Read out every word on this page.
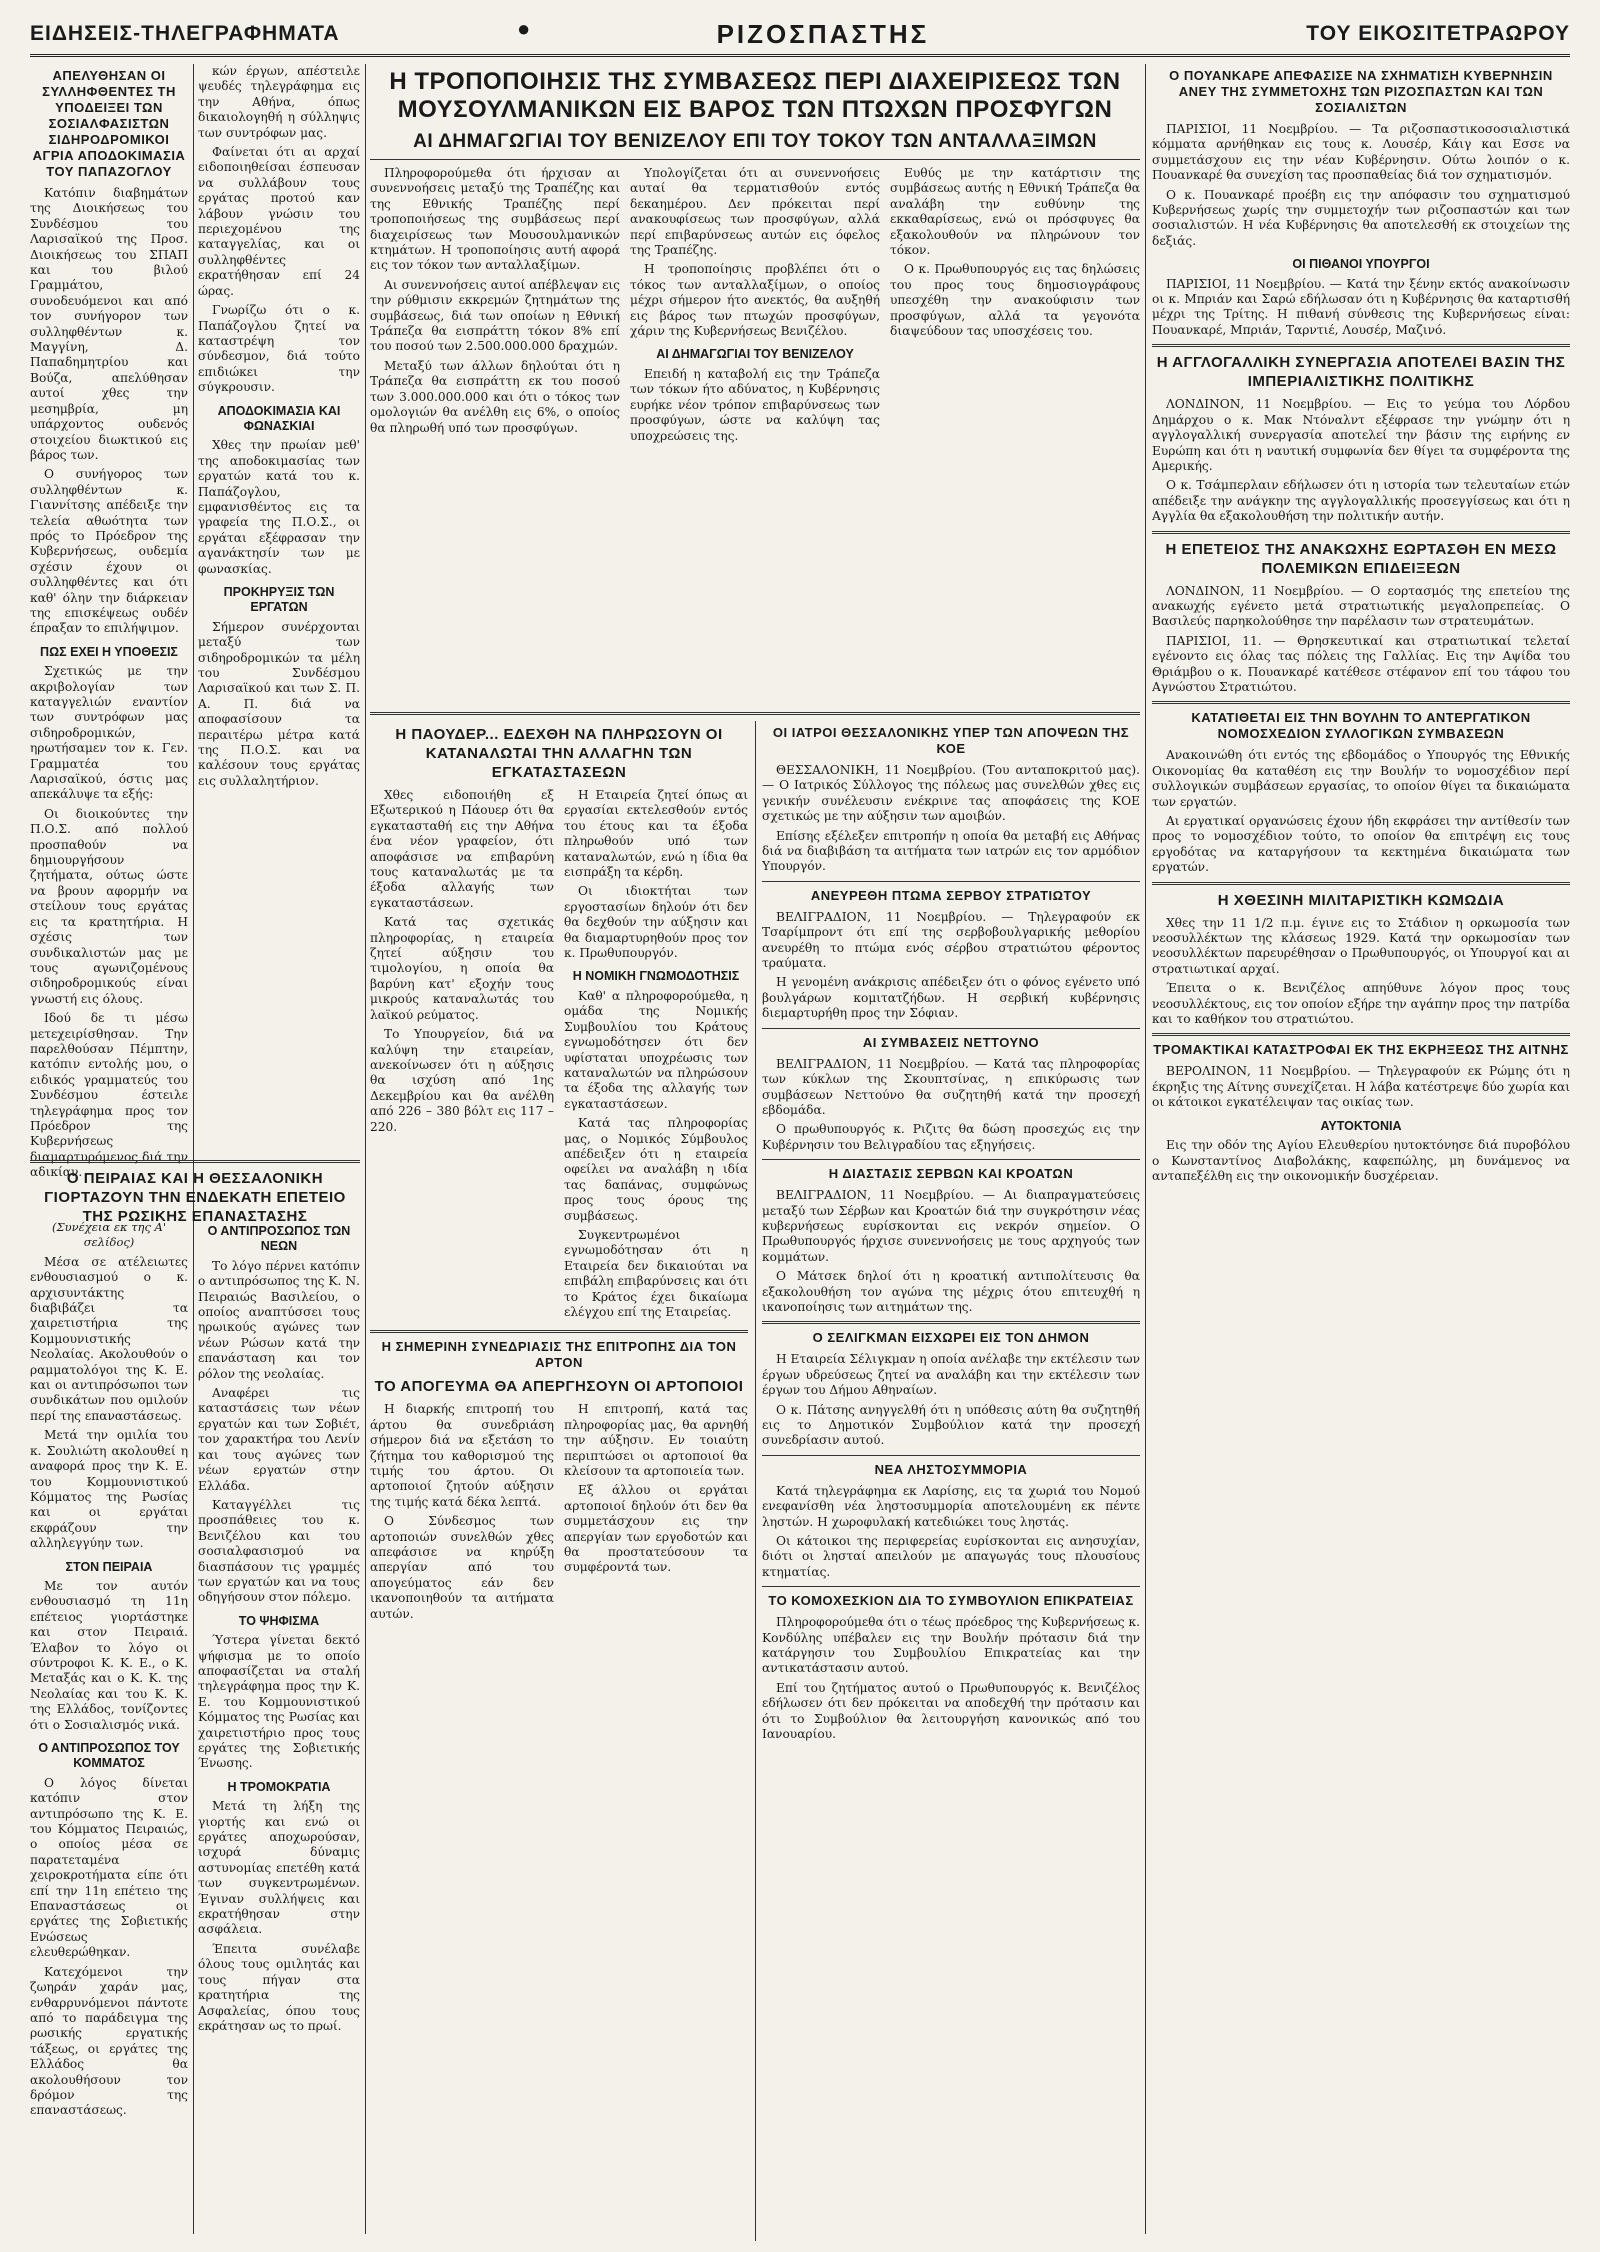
ΕΙΔΗΣΕΙΣ-ΤΗΛΕΓΡΑΦΗΜΑΤΑ	●	ΡΙΖΟΣΠΑΣΤΗΣ	ΤΟΥ ΕΙΚΟΣΙΤΕΤΡΑΩΡΟΥ
ΑΠΕΛΥΘΗΣΑΝ ΟΙ ΣΥΛΛΗΦΘΕΝΤΕΣ ΤΗ ΥΠΟΔΕΙΞΕΙ ΤΩΝ ΣΟΣΙΑΛΦΑΣΙΣΤΩΝ ΣΙΔΗΡΟΔΡΟΜΙΚΟΙ ΑΓΡΙΑ ΑΠΟΔΟΚΙΜΑΣΙΑ ΤΟΥ ΠΑΠΑΖΟΓΛΟΥ

Κατόπιν διαβημάτων της Διοικήσεως του Συνδέσμου του Λαρισαϊκού της Προσ. Διοικήσεως του ΣΠΑΠ και του βιλού Γραμμάτου, συνοδευόμενοι και από τον συνήγορον των συλληφθέντων κ. Μαγγίνη, Δ. Παπαδημητρίου και Βούζα, απελύθησαν αυτοί χθες την μεσημβρία, μη υπάρχοντος ουδενός στοιχείου διωκτικού εις βάρος των.

Ο συνήγορος των συλληφθέντων κ. Γιαννίτσης απέδειξε την τελεία αθωότητα των πρός το Πρόεδρον της Κυβερνήσεως, ουδεμία σχέσιν έχουν οι συλληφθέντες και ότι καθ' όλην την διάρκειαν της επισκέψεως ουδέν έπραξαν το επιλήψιμον.

ΠΩΣ ΕΧΕΙ Η ΥΠΟΘΕΣΙΣ

Σχετικώς με την ακριβολογίαν των καταγγελιών εναντίον των συντρόφων μας σιδηροδρομικών, ηρωτήσαμεν τον κ. Γεν. Γραμματέα του Λαρισαϊκού, όστις μας απεκάλυψε τα εξής:

Οι διοικούντες την Π.Ο.Σ. από πολλού προσπαθούν να δημιουργήσουν ζητήματα, ούτως ώστε να βρουν αφορμήν να στείλουν τους εργάτας εις τα κρατητήρια. Η σχέσις των συνδικαλιστών μας με τους αγωνιζομένους σιδηροδρομικούς είναι γνωστή εις όλους.

Ιδού δε τι μέσω μετεχειρίσθησαν. Την παρελθούσαν Πέμπτην, κατόπιν εντολής μου, ο ειδικός γραμματεύς του Συνδέσμου έστειλε τηλεγράφημα προς τον Πρόεδρον της Κυβερνήσεως διαμαρτυρόμενος διά την αδικίαν.

κών έργων, απέστειλε ψευδές τηλεγράφημα εις την Αθήνα, όπως δικαιολογηθή η σύλληψις των συντρόφων μας.

Φαίνεται ότι αι αρχαί ειδοποιηθείσαι έσπευσαν να συλλάβουν τους εργάτας προτού καν λάβουν γνώσιν του περιεχομένου της καταγγελίας, και οι συλληφθέντες εκρατήθησαν επί 24 ώρας.

Γνωρίζω ότι ο κ. Παπάζογλου ζητεί να καταστρέψη τον σύνδεσμον, διά τούτο επιδιώκει την σύγκρουσιν.

ΑΠΟΔΟΚΙΜΑΣΙΑ ΚΑΙ ΦΩΝΑΣΚΙΑΙ

Χθες την πρωίαν μεθ' της αποδοκιμασίας των εργατών κατά του κ. Παπάζογλου, εμφανισθέντος εις τα γραφεία της Π.Ο.Σ., οι εργάται εξέφρασαν την αγανάκτησίν των με φωνασκίας.

ΠΡΟΚΗΡΥΞΙΣ ΤΩΝ ΕΡΓΑΤΩΝ

Σήμερον συνέρχονται μεταξύ των σιδηροδρομικών τα μέλη του Συνδέσμου Λαρισαϊκού και των Σ. Π. Α. Π. διά να αποφασίσουν τα περαιτέρω μέτρα κατά της Π.Ο.Σ. και να καλέσουν τους εργάτας εις συλλαλητήριον.

Ο ΠΕΙΡΑΙΑΣ ΚΑΙ Η ΘΕΣΣΑΛΟΝΙΚΗ ΓΙΟΡΤΑΖΟΥΝ ΤΗΝ ΕΝΔΕΚΑΤΗ ΕΠΕΤΕΙΟ ΤΗΣ ΡΩΣΙΚΗΣ ΕΠΑΝΑΣΤΑΣΗΣ
(Συνέχεια εκ της Α' σελίδος)

Μέσα σε ατέλειωτες ενθουσιασμού ο κ. αρχισυντάκτης διαβιβάζει τα χαιρετιστήρια της Κομμουνιστικής Νεολαίας. Ακολουθούν ο ραμματολόγοι της Κ. Ε. και οι αντιπρόσωποι των συνδικάτων που ομιλούν περί της επαναστάσεως.

Μετά την ομιλία του κ. Σουλιώτη ακολουθεί η αναφορά προς την Κ. Ε. του Κομμουνιστικού Κόμματος της Ρωσίας και οι εργάται εκφράζουν την αλληλεγγύην των.

ΣΤΟΝ ΠΕΙΡΑΙΑ

Με τον αυτόν ενθουσιασμό τη 11η επέτειος γιορτάστηκε και στον Πειραιά. Έλαβον το λόγο οι σύντροφοι Κ. Κ. Ε., ο Κ. Μεταξάς και ο Κ. Κ. της Νεολαίας και του Κ. Κ. της Ελλάδος, τονίζοντες ότι ο Σοσιαλισμός νικά.

Ο ΑΝΤΙΠΡΟΣΩΠΟΣ ΤΟΥ ΚΟΜΜΑΤΟΣ

Ο λόγος δίνεται κατόπιν στον αντιπρόσωπο της Κ. Ε. του Κόμματος Πειραιώς, ο οποίος μέσα σε παρατεταμένα χειροκροτήματα είπε ότι επί την 11η επέτειο της Επαναστάσεως οι εργάτες της Σοβιετικής Ενώσεως ελευθερώθηκαν.

Κατεχόμενοι την ζωηράν χαράν μας, ενθαρρυνόμενοι πάντοτε από το παράδειγμα της ρωσικής εργατικής τάξεως, οι εργάτες της Ελλάδος θα ακολουθήσουν τον δρόμον της επαναστάσεως.

Ο ΑΝΤΙΠΡΟΣΩΠΟΣ ΤΩΝ ΝΕΩΝ

Το λόγο πέρνει κατόπιν ο αντιπρόσωπος της Κ. Ν. Πειραιώς Βασιλείου, ο οποίος αναπτύσσει τους ηρωικούς αγώνες των νέων Ρώσων κατά την επανάσταση και τον ρόλον της νεολαίας.

Αναφέρει τις καταστάσεις των νέων εργατών και των Σοβιέτ, τον χαρακτήρα του Λενίν και τους αγώνες των νέων εργατών στην Ελλάδα.

Καταγγέλλει τις προσπάθειες του κ. Βενιζέλου και του σοσιαλφασισμού να διασπάσουν τις γραμμές των εργατών και να τους οδηγήσουν στον πόλεμο.

ΤΟ ΨΗΦΙΣΜΑ

Ύστερα γίνεται δεκτό ψήφισμα με το οποίο αποφασίζεται να σταλή τηλεγράφημα προς την Κ. Ε. του Κομμουνιστικού Κόμματος της Ρωσίας και χαιρετιστήριο προς τους εργάτες της Σοβιετικής Ένωσης.

Η ΤΡΟΜΟΚΡΑΤΙΑ

Μετά τη λήξη της γιορτής και ενώ οι εργάτες αποχωρούσαν, ισχυρά δύναμις αστυνομίας επετέθη κατά των συγκεντρωμένων. Έγιναν συλλήψεις και εκρατήθησαν στην ασφάλεια.

Έπειτα συνέλαβε όλους τους ομιλητάς και τους πήγαν στα κρατητήρια της Ασφαλείας, όπου τους εκράτησαν ως το πρωί.

Η ΤΡΟΠΟΠΟΙΗΣΙΣ ΤΗΣ ΣΥΜΒΑΣΕΩΣ ΠΕΡΙ ΔΙΑΧΕΙΡΙΣΕΩΣ ΤΩΝ ΜΟΥΣΟΥΛΜΑΝΙΚΩΝ ΕΙΣ ΒΑΡΟΣ ΤΩΝ ΠΤΩΧΩΝ ΠΡΟΣΦΥΓΩΝ
ΑΙ ΔΗΜΑΓΩΓΙΑΙ ΤΟΥ ΒΕΝΙΖΕΛΟΥ ΕΠΙ ΤΟΥ ΤΟΚΟΥ ΤΩΝ ΑΝΤΑΛΛΑΞΙΜΩΝ

Πληροφορούμεθα ότι ήρχισαν αι συνεννοήσεις μεταξύ της Τραπέζης και της Εθνικής Τραπέζης περί τροποποιήσεως της συμβάσεως περί διαχειρίσεως των Μουσουλμανικών κτημάτων. Η τροποποίησις αυτή αφορά εις τον τόκον των ανταλλαξίμων.

Αι συνεννοήσεις αυτοί απέβλεψαν εις την ρύθμισιν εκκρεμών ζητημάτων της συμβάσεως, διά των οποίων η Εθνική Τράπεζα θα εισπράττη τόκον 8% επί του ποσού των 2.500.000.000 δραχμών.

Μεταξύ των άλλων δηλούται ότι η Τράπεζα θα εισπράττη εκ του ποσού των 3.000.000.000 και ότι ο τόκος των ομολογιών θα ανέλθη εις 6%, ο οποίος θα πληρωθή υπό των προσφύγων.

Υπολογίζεται ότι αι συνεννοήσεις αυταί θα τερματισθούν εντός δεκαημέρου. Δεν πρόκειται περί ανακουφίσεως των προσφύγων, αλλά περί επιβαρύνσεως αυτών εις όφελος της Τραπέζης.

Η τροποποίησις προβλέπει ότι ο τόκος των ανταλλαξίμων, ο οποίος μέχρι σήμερον ήτο ανεκτός, θα αυξηθή εις βάρος των πτωχών προσφύγων, χάριν της Κυβερνήσεως Βενιζέλου.

ΑΙ ΔΗΜΑΓΩΓΙΑΙ ΤΟΥ ΒΕΝΙΖΕΛΟΥ

Επειδή η καταβολή εις την Τράπεζα των τόκων ήτο αδύνατος, η Κυβέρνησις ευρήκε νέον τρόπον επιβαρύνσεως των προσφύγων, ώστε να καλύψη τας υποχρεώσεις της.

Ευθύς με την κατάρτισιν της συμβάσεως αυτής η Εθνική Τράπεζα θα αναλάβη την ευθύνην της εκκαθαρίσεως, ενώ οι πρόσφυγες θα εξακολουθούν να πληρώνουν τον τόκον.

Ο κ. Πρωθυπουργός εις τας δηλώσεις του προς τους δημοσιογράφους υπεσχέθη την ανακούφισιν των προσφύγων, αλλά τα γεγονότα διαψεύδουν τας υποσχέσεις του.

Η ΠΑΟΥΔΕΡ... ΕΔΕΧΘΗ ΝΑ ΠΛΗΡΩΣΟΥΝ ΟΙ ΚΑΤΑΝΑΛΩΤΑΙ ΤΗΝ ΑΛΛΑΓΗΝ ΤΩΝ ΕΓΚΑΤΑΣΤΑΣΕΩΝ

Χθες ειδοποιήθη εξ Εξωτερικού η Πάουερ ότι θα εγκατασταθή εις την Αθήνα ένα νέον γραφείον, ότι αποφάσισε να επιβαρύνη τους καταναλωτάς με τα έξοδα αλλαγής των εγκαταστάσεων.

Κατά τας σχετικάς πληροφορίας, η εταιρεία ζητεί αύξησιν του τιμολογίου, η οποία θα βαρύνη κατ' εξοχήν τους μικρούς καταναλωτάς του λαϊκού ρεύματος.

Το Υπουργείον, διά να καλύψη την εταιρείαν, ανεκοίνωσεν ότι η αύξησις θα ισχύση από 1ης Δεκεμβρίου και θα ανέλθη από 226 – 380 βόλτ εις 117 – 220.

Η Εταιρεία ζητεί όπως αι εργασίαι εκτελεσθούν εντός του έτους και τα έξοδα πληρωθούν υπό των καταναλωτών, ενώ η ίδια θα εισπράξη τα κέρδη.

Οι ιδιοκτήται των εργοστασίων δηλούν ότι δεν θα δεχθούν την αύξησιν και θα διαμαρτυρηθούν προς τον κ. Πρωθυπουργόν.

Η ΝΟΜΙΚΗ ΓΝΩΜΟΔΟΤΗΣΙΣ

Καθ' α πληροφορούμεθα, η ομάδα της Νομικής Συμβουλίου του Κράτους εγνωμοδότησεν ότι δεν υφίσταται υποχρέωσις των καταναλωτών να πληρώσουν τα έξοδα της αλλαγής των εγκαταστάσεων.

Κατά τας πληροφορίας μας, ο Νομικός Σύμβουλος απέδειξεν ότι η εταιρεία οφείλει να αναλάβη η ιδία τας δαπάνας, συμφώνως προς τους όρους της συμβάσεως.

Συγκεντρωμένοι εγνωμοδότησαν ότι η Εταιρεία δεν δικαιούται να επιβάλη επιβαρύνσεις και ότι το Κράτος έχει δικαίωμα ελέγχου επί της Εταιρείας.

Η ΣΗΜΕΡΙΝΗ ΣΥΝΕΔΡΙΑΣΙΣ ΤΗΣ ΕΠΙΤΡΟΠΗΣ ΔΙΑ ΤΟΝ ΑΡΤΟΝ
ΤΟ ΑΠΟΓΕΥΜΑ ΘΑ ΑΠΕΡΓΗΣΟΥΝ ΟΙ ΑΡΤΟΠΟΙΟΙ

Η διαρκής επιτροπή του άρτου θα συνεδριάση σήμερον διά να εξετάση το ζήτημα του καθορισμού της τιμής του άρτου. Οι αρτοποιοί ζητούν αύξησιν της τιμής κατά δέκα λεπτά.

Ο Σύνδεσμος των αρτοποιών συνελθών χθες απεφάσισε να κηρύξη απεργίαν από του απογεύματος εάν δεν ικανοποιηθούν τα αιτήματα αυτών.

Η επιτροπή, κατά τας πληροφορίας μας, θα αρνηθή την αύξησιν. Εν τοιαύτη περιπτώσει οι αρτοποιοί θα κλείσουν τα αρτοποιεία των.

Εξ άλλου οι εργάται αρτοποιοί δηλούν ότι δεν θα συμμετάσχουν εις την απεργίαν των εργοδοτών και θα προστατεύσουν τα συμφέροντά των.

ΟΙ ΙΑΤΡΟΙ ΘΕΣΣΑΛΟΝΙΚΗΣ ΥΠΕΡ ΤΩΝ ΑΠΟΨΕΩΝ ΤΗΣ ΚΟΕ

ΘΕΣΣΑΛΟΝΙΚΗ, 11 Νοεμβρίου. (Του ανταποκριτού μας). — Ο Ιατρικός Σύλλογος της πόλεως μας συνελθών χθες εις γενικήν συνέλευσιν ενέκρινε τας αποφάσεις της ΚΟΕ σχετικώς με την αύξησιν των αμοιβών.

Επίσης εξέλεξεν επιτροπήν η οποία θα μεταβή εις Αθήνας διά να διαβιβάση τα αιτήματα των ιατρών εις τον αρμόδιον Υπουργόν.

ΑΝΕΥΡΕΘΗ ΠΤΩΜΑ ΣΕΡΒΟΥ ΣΤΡΑΤΙΩΤΟΥ

ΒΕΛΙΓΡΑΔΙΟΝ, 11 Νοεμβρίου. — Τηλεγραφούν εκ Τσαρίμπροντ ότι επί της σερβοβουλγαρικής μεθορίου ανευρέθη το πτώμα ενός σέρβου στρατιώτου φέροντος τραύματα.

Η γενομένη ανάκρισις απέδειξεν ότι ο φόνος εγένετο υπό βουλγάρων κομιτατζήδων. Η σερβική κυβέρνησις διεμαρτυρήθη προς την Σόφιαν.

ΑΙ ΣΥΜΒΑΣΕΙΣ ΝΕΤΤΟΥΝΟ

ΒΕΛΙΓΡΑΔΙΟΝ, 11 Νοεμβρίου. — Κατά τας πληροφορίας των κύκλων της Σκουπτσίνας, η επικύρωσις των συμβάσεων Νεττούνο θα συζητηθή κατά την προσεχή εβδομάδα.

Ο πρωθυπουργός κ. Ριζιτς θα δώση προσεχώς εις την Κυβέρνησιν του Βελιγραδίου τας εξηγήσεις.

Η ΔΙΑΣΤΑΣΙΣ ΣΕΡΒΩΝ ΚΑΙ ΚΡΟΑΤΩΝ

ΒΕΛΙΓΡΑΔΙΟΝ, 11 Νοεμβρίου. — Αι διαπραγματεύσεις μεταξύ των Σέρβων και Κροατών διά την συγκρότησιν νέας κυβερνήσεως ευρίσκονται εις νεκρόν σημείον. Ο Πρωθυπουργός ήρχισε συνεννοήσεις με τους αρχηγούς των κομμάτων.

Ο Μάτσεκ δηλοί ότι η κροατική αντιπολίτευσις θα εξακολουθήση τον αγώνα της μέχρις ότου επιτευχθή η ικανοποίησις των αιτημάτων της.

Ο ΣΕΛΙΓΚΜΑΝ ΕΙΣΧΩΡΕΙ ΕΙΣ ΤΟΝ ΔΗΜΟΝ

Η Εταιρεία Σέλιγκμαν η οποία ανέλαβε την εκτέλεσιν των έργων υδρεύσεως ζητεί να αναλάβη και την εκτέλεσιν των έργων του Δήμου Αθηναίων.

Ο κ. Πάτσης ανηγγελθή ότι η υπόθεσις αύτη θα συζητηθή εις το Δημοτικόν Συμβούλιον κατά την προσεχή συνεδρίασιν αυτού.

ΝΕΑ ΛΗΣΤΟΣΥΜΜΟΡΙΑ

Κατά τηλεγράφημα εκ Λαρίσης, εις τα χωριά του Νομού ενεφανίσθη νέα ληστοσυμμορία αποτελουμένη εκ πέντε ληστών. Η χωροφυλακή κατεδιώκει τους ληστάς.

Οι κάτοικοι της περιφερείας ευρίσκονται εις ανησυχίαν, διότι οι λησταί απειλούν με απαγωγάς τους πλουσίους κτηματίας.

ΤΟ ΚΟΜΟΧΕΣΚΙΟΝ ΔΙΑ ΤΟ ΣΥΜΒΟΥΛΙΟΝ ΕΠΙΚΡΑΤΕΙΑΣ

Πληροφορούμεθα ότι ο τέως πρόεδρος της Κυβερνήσεως κ. Κονδύλης υπέβαλεν εις την Βουλήν πρότασιν διά την κατάργησιν του Συμβουλίου Επικρατείας και την αντικατάστασιν αυτού.

Επί του ζητήματος αυτού ο Πρωθυπουργός κ. Βενιζέλος εδήλωσεν ότι δεν πρόκειται να αποδεχθή την πρότασιν και ότι το Συμβούλιον θα λειτουργήση κανονικώς από του Ιανουαρίου.

Ο ΠΟΥΑΝΚΑΡΕ ΑΠΕΦΑΣΙΣΕ ΝΑ ΣΧΗΜΑΤΙΣΗ ΚΥΒΕΡΝΗΣΙΝ ΑΝΕΥ ΤΗΣ ΣΥΜΜΕΤΟΧΗΣ ΤΩΝ ΡΙΖΟΣΠΑΣΤΩΝ ΚΑΙ ΤΩΝ ΣΟΣΙΑΛΙΣΤΩΝ

ΠΑΡΙΣΙΟΙ, 11 Νοεμβρίου. — Τα ριζοσπαστικοσοσιαλιστικά κόμματα αρνήθηκαν εις τους κ. Λουσέρ, Κάιγ και Εσσε να συμμετάσχουν εις την νέαν Κυβέρνησιν. Ούτω λοιπόν ο κ. Πουανκαρέ θα συνεχίση τας προσπαθείας διά τον σχηματισμόν.

Ο κ. Πουανκαρέ προέβη εις την απόφασιν του σχηματισμού Κυβερνήσεως χωρίς την συμμετοχήν των ριζοσπαστών και των σοσιαλιστών. Η νέα Κυβέρνησις θα αποτελεσθή εκ στοιχείων της δεξιάς.

ΟΙ ΠΙΘΑΝΟΙ ΥΠΟΥΡΓΟΙ

ΠΑΡΙΣΙΟΙ, 11 Νοεμβρίου. — Κατά την ξένην εκτός ανακοίνωσιν οι κ. Μπριάν και Σαρώ εδήλωσαν ότι η Κυβέρνησις θα καταρτισθή μέχρι της Τρίτης. Η πιθανή σύνθεσις της Κυβερνήσεως είναι: Πουανκαρέ, Μπριάν, Ταρντιέ, Λουσέρ, Μαζινό.

Η ΑΓΓΛΟΓΑΛΛΙΚΗ ΣΥΝΕΡΓΑΣΙΑ ΑΠΟΤΕΛΕΙ ΒΑΣΙΝ ΤΗΣ ΙΜΠΕΡΙΑΛΙΣΤΙΚΗΣ ΠΟΛΙΤΙΚΗΣ

ΛΟΝΔΙΝΟΝ, 11 Νοεμβρίου. — Εις το γεύμα του Λόρδου Δημάρχου ο κ. Μακ Ντόναλντ εξέφρασε την γνώμην ότι η αγγλογαλλική συνεργασία αποτελεί την βάσιν της ειρήνης εν Ευρώπη και ότι η ναυτική συμφωνία δεν θίγει τα συμφέροντα της Αμερικής.

Ο κ. Τσάμπερλαιν εδήλωσεν ότι η ιστορία των τελευταίων ετών απέδειξε την ανάγκην της αγγλογαλλικής προσεγγίσεως και ότι η Αγγλία θα εξακολουθήση την πολιτικήν αυτήν.

Η ΕΠΕΤΕΙΟΣ ΤΗΣ ΑΝΑΚΩΧΗΣ ΕΩΡΤΑΣΘΗ ΕΝ ΜΕΣΩ ΠΟΛΕΜΙΚΩΝ ΕΠΙΔΕΙΞΕΩΝ

ΛΟΝΔΙΝΟΝ, 11 Νοεμβρίου. — Ο εορτασμός της επετείου της ανακωχής εγένετο μετά στρατιωτικής μεγαλοπρεπείας. Ο Βασιλεύς παρηκολούθησε την παρέλασιν των στρατευμάτων.

ΠΑΡΙΣΙΟΙ, 11. — Θρησκευτικαί και στρατιωτικαί τελεταί εγένοντο εις όλας τας πόλεις της Γαλλίας. Εις την Αψίδα του Θριάμβου ο κ. Πουανκαρέ κατέθεσε στέφανον επί του τάφου του Αγνώστου Στρατιώτου.

ΚΑΤΑΤΙΘΕΤΑΙ ΕΙΣ ΤΗΝ ΒΟΥΛΗΝ ΤΟ ΑΝΤΕΡΓΑΤΙΚΟΝ ΝΟΜΟΣΧΕΔΙΟΝ ΣΥΛΛΟΓΙΚΩΝ ΣΥΜΒΑΣΕΩΝ

Ανακοινώθη ότι εντός της εβδομάδος ο Υπουργός της Εθνικής Οικονομίας θα καταθέση εις την Βουλήν το νομοσχέδιον περί συλλογικών συμβάσεων εργασίας, το οποίον θίγει τα δικαιώματα των εργατών.

Αι εργατικαί οργανώσεις έχουν ήδη εκφράσει την αντίθεσίν των προς το νομοσχέδιον τούτο, το οποίον θα επιτρέψη εις τους εργοδότας να καταργήσουν τα κεκτημένα δικαιώματα των εργατών.

Η ΧΘΕΣΙΝΗ ΜΙΛΙΤΑΡΙΣΤΙΚΗ ΚΩΜΩΔΙΑ

Χθες την 11 1/2 π.μ. έγινε εις το Στάδιον η ορκωμοσία των νεοσυλλέκτων της κλάσεως 1929. Κατά την ορκωμοσίαν των νεοσυλλέκτων παρευρέθησαν ο Πρωθυπουργός, οι Υπουργοί και αι στρατιωτικαί αρχαί.

Έπειτα ο κ. Βενιζέλος απηύθυνε λόγον προς τους νεοσυλλέκτους, εις τον οποίον εξήρε την αγάπην προς την πατρίδα και το καθήκον του στρατιώτου.

ΤΡΟΜΑΚΤΙΚΑΙ ΚΑΤΑΣΤΡΟΦΑΙ ΕΚ ΤΗΣ ΕΚΡΗΞΕΩΣ ΤΗΣ ΑΙΤΝΗΣ

ΒΕΡΟΛΙΝΟΝ, 11 Νοεμβρίου. — Τηλεγραφούν εκ Ρώμης ότι η έκρηξις της Αίτνης συνεχίζεται. Η λάβα κατέστρεψε δύο χωρία και οι κάτοικοι εγκατέλειψαν τας οικίας των.

ΑΥΤΟΚΤΟΝΙΑ

Εις την οδόν της Αγίου Ελευθερίου ηυτοκτόνησε διά πυροβόλου ο Κωνσταντίνος Διαβολάκης, καφεπώλης, μη δυνάμενος να ανταπεξέλθη εις την οικονομικήν δυσχέρειαν.
